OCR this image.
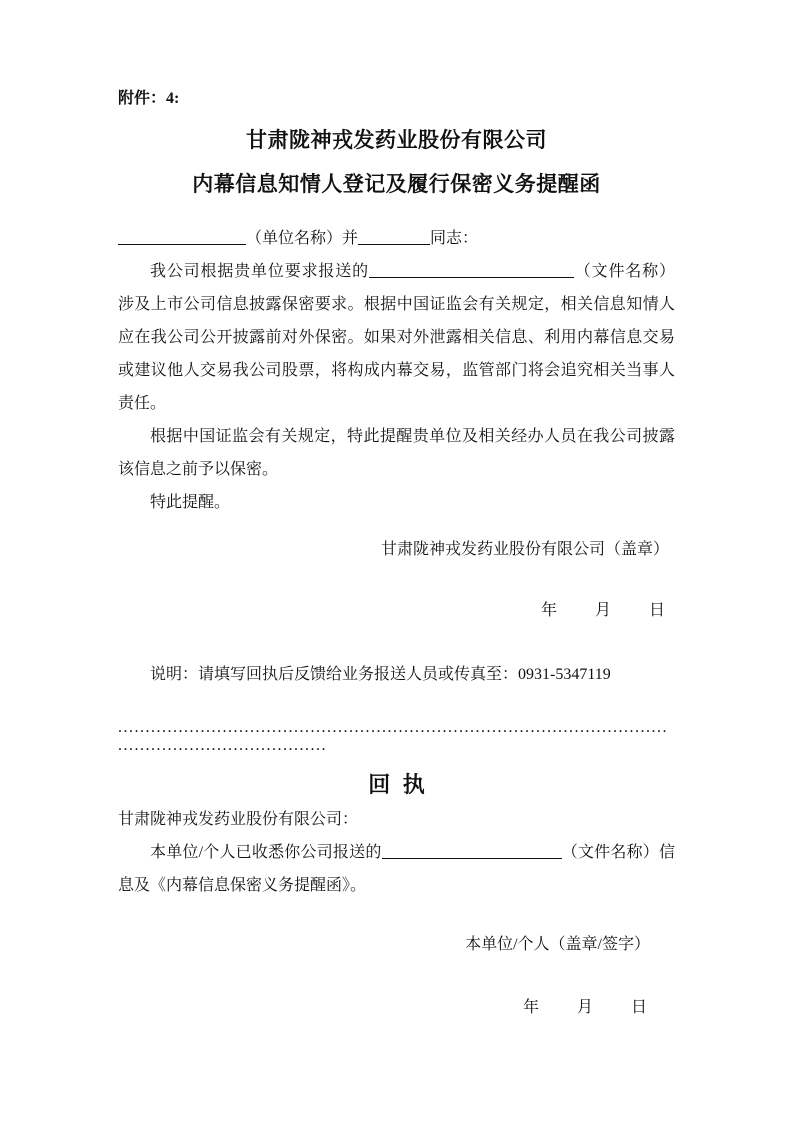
附件：4:
甘肃陇神戎发药业股份有限公司
内幕信息知情人登记及履行保密义务提醒函
（单位名称）并	同志：

我公司根据贵单位要求报送的	（文件名称）涉及上市公司信息披露保密要求。根据中国证监会有关规定，相关信息知情人应在我公司公开披露前对外保密。如果对外泄露相关信息、利用内幕信息交易或建议他人交易我公司股票，将构成内幕交易，监管部门将会追究相关当事人责任。

根据中国证监会有关规定，特此提醒贵单位及相关经办人员在我公司披露该信息之前予以保密。

特此提醒。

甘肃陇神戎发药业股份有限公司（盖章）
年　　月　　日
说明：请填写回执后反馈给业务报送人员或传真至：0931-5347119
....................................................................................................
......................................
回 执
甘肃陇神戎发药业股份有限公司：

本单位/个人已收悉你公司报送的	（文件名称）信息及《内幕信息保密义务提醒函》。

本单位/个人（盖章/签字）
年　　月　　日
